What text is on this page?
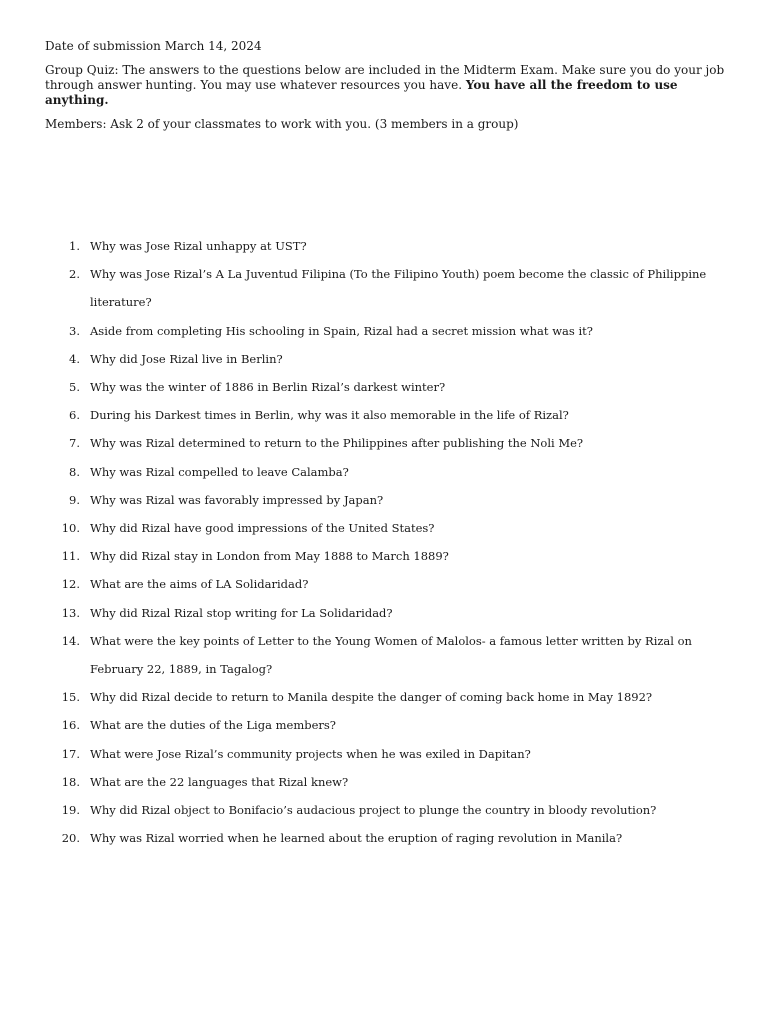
Date of submission March 14, 2024

Group Quiz: The answers to the questions below are included in the Midterm Exam. Make sure you do your job through answer hunting. You may use whatever resources you have. You have all the freedom to use anything.

Members: Ask 2 of your classmates to work with you. (3 members in a group)

1. Why was Jose Rizal unhappy at UST?
2. Why was Jose Rizal’s A La Juventud Filipina (To the Filipino Youth) poem become the classic of Philippine literature?
3. Aside from completing His schooling in Spain, Rizal had a secret mission what was it?
4. Why did Jose Rizal live in Berlin?
5. Why was the winter of 1886 in Berlin Rizal’s darkest winter?
6. During his Darkest times in Berlin, why was it also memorable in the life of Rizal?
7. Why was Rizal determined to return to the Philippines after publishing the Noli Me?
8. Why was Rizal compelled to leave Calamba?
9. Why was Rizal was favorably impressed by Japan?
10. Why did Rizal have good impressions of the United States?
11. Why did Rizal stay in London from May 1888 to March 1889?
12. What are the aims of LA Solidaridad?
13. Why did Rizal Rizal stop writing for La Solidaridad?
14. What were the key points of Letter to the Young Women of Malolos- a famous letter written by Rizal on February 22, 1889, in Tagalog?
15. Why did Rizal decide to return to Manila despite the danger of coming back home in May 1892?
16. What are the duties of the Liga members?
17. What were Jose Rizal’s community projects when he was exiled in Dapitan?
18. What are the 22 languages that Rizal knew?
19. Why did Rizal object to Bonifacio’s audacious project to plunge the country in bloody revolution?
20. Why was Rizal worried when he learned about the eruption of raging revolution in Manila?
